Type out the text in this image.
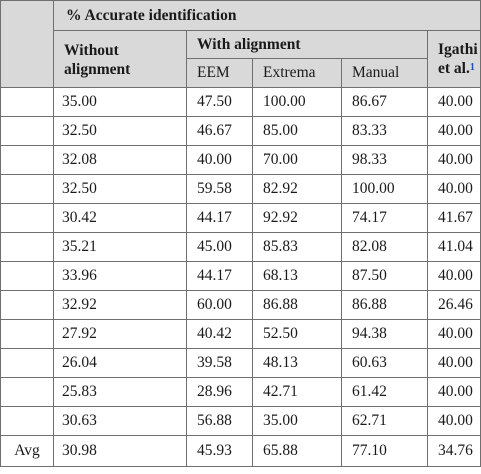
	% Accurate identification				

	Without alignment	With alignment			Igathi
et al.$^1$

		EEM	Extrema	Manual	
	35.00	47.50	100.00	86.67	40.00
	32.50	46.67	85.00	83.33	40.00
	32.08	40.00	70.00	98.33	40.00
	32.50	59.58	82.92	100.00	40.00
	30.42	44.17	92.92	74.17	41.67
	35.21	45.00	85.83	82.08	41.04
	33.96	44.17	68.13	87.50	40.00
	32.92	60.00	86.88	86.88	26.46
	27.92	40.42	52.50	94.38	40.00
	26.04	39.58	48.13	60.63	40.00
	25.83	28.96	42.71	61.42	40.00
	30.63	56.88	35.00	62.71	40.00
Avg	30.98	45.93	65.88	77.10	34.76
